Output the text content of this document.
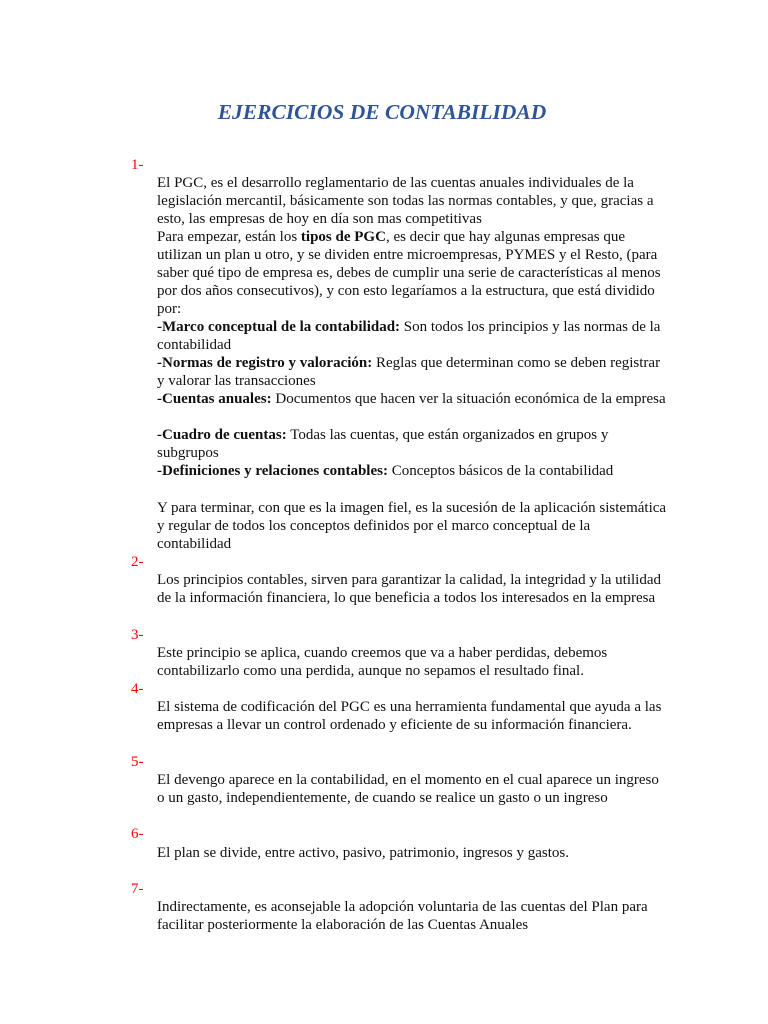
EJERCICIOS DE CONTABILIDAD
1-

El PGC, es el desarrollo reglamentario de las cuentas anuales individuales de la legislación mercantil, básicamente son todas las normas contables, y que, gracias a esto, las empresas de hoy en día son mas competitivas

Para empezar, están los tipos de PGC, es decir que hay algunas empresas que utilizan un plan u otro, y se dividen entre microempresas, PYMES y el Resto, (para saber qué tipo de empresa es, debes de cumplir una serie de características al menos por dos años consecutivos), y con esto legaríamos a la estructura, que está dividido por:

-Marco conceptual de la contabilidad: Son todos los principios y las normas de la contabilidad

-Normas de registro y valoración: Reglas que determinan como se deben registrar y valorar las transacciones

-Cuentas anuales: Documentos que hacen ver la situación económica de la empresa

-Cuadro de cuentas: Todas las cuentas, que están organizados en grupos y subgrupos

-Definiciones y relaciones contables: Conceptos básicos de la contabilidad

Y para terminar, con que es la imagen fiel, es la sucesión de la aplicación sistemática y regular de todos los conceptos definidos por el marco conceptual de la contabilidad

2-

Los principios contables, sirven para garantizar la calidad, la integridad y la utilidad de la información financiera, lo que beneficia a todos los interesados en la empresa

3-

Este principio se aplica, cuando creemos que va a haber perdidas, debemos contabilizarlo como una perdida, aunque no sepamos el resultado final.

4-

El sistema de codificación del PGC es una herramienta fundamental que ayuda a las empresas a llevar un control ordenado y eficiente de su información financiera.

5-

El devengo aparece en la contabilidad, en el momento en el cual aparece un ingreso o un gasto, independientemente, de cuando se realice un gasto o un ingreso

6-

El plan se divide, entre activo, pasivo, patrimonio, ingresos y gastos.

7-

Indirectamente, es aconsejable la adopción voluntaria de las cuentas del Plan para facilitar posteriormente la elaboración de las Cuentas Anuales
